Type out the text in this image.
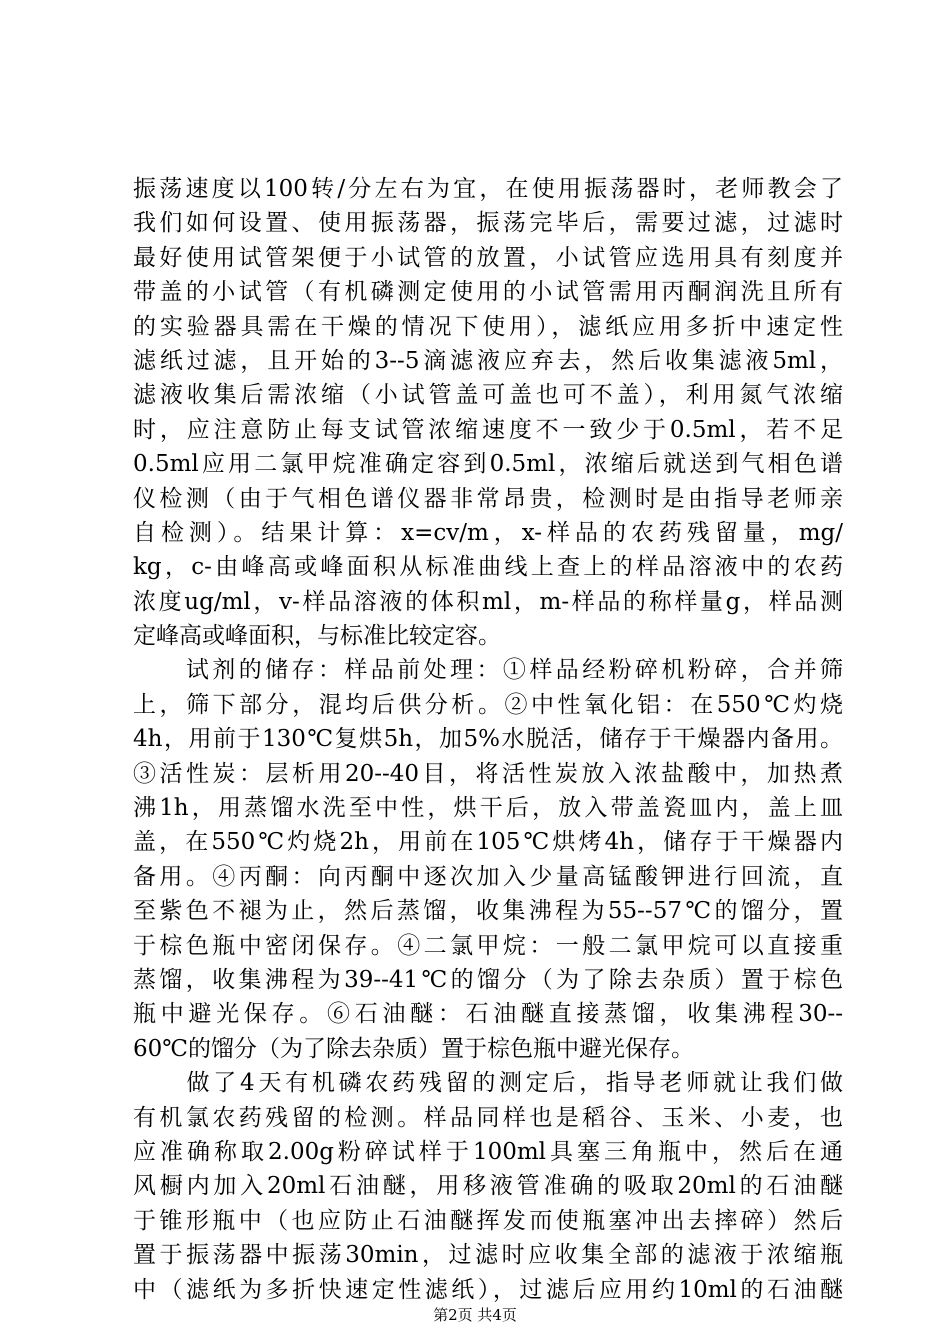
振荡速度以100转/分左右为宜，在使用振荡器时，老师教会了
我们如何设置、使用振荡器，振荡完毕后，需要过滤，过滤时
最好使用试管架便于小试管的放置，小试管应选用具有刻度并
带盖的小试管（有机磷测定使用的小试管需用丙酮润洗且所有
的实验器具需在干燥的情况下使用），滤纸应用多折中速定性
滤纸过滤，且开始的3--5滴滤液应弃去，然后收集滤液5ml，
滤液收集后需浓缩（小试管盖可盖也可不盖），利用氮气浓缩
时，应注意防止每支试管浓缩速度不一致少于0.5ml，若不足
0.5ml应用二氯甲烷准确定容到0.5ml，浓缩后就送到气相色谱
仪检测（由于气相色谱仪器非常昂贵，检测时是由指导老师亲
自检测）。结果计算：x=cv/m，x-样品的农药残留量，mg/
kg，c-由峰高或峰面积从标准曲线上查上的样品溶液中的农药
浓度ug/ml，v-样品溶液的体积ml，m-样品的称样量g，样品测
定峰高或峰面积，与标准比较定容。
　　试剂的储存：样品前处理：①样品经粉碎机粉碎，合并筛
上，筛下部分，混均后供分析。②中性氧化铝：在550℃灼烧
4h，用前于130℃复烘5h，加5%水脱活，储存于干燥器内备用。
③活性炭：层析用20--40目，将活性炭放入浓盐酸中，加热煮
沸1h，用蒸馏水洗至中性，烘干后，放入带盖瓷皿内，盖上皿
盖，在550℃灼烧2h，用前在105℃烘烤4h，储存于干燥器内
备用。④丙酮：向丙酮中逐次加入少量高锰酸钾进行回流，直
至紫色不褪为止，然后蒸馏，收集沸程为55--57℃的馏分，置
于棕色瓶中密闭保存。④二氯甲烷：一般二氯甲烷可以直接重
蒸馏，收集沸程为39--41℃的馏分（为了除去杂质）置于棕色
瓶中避光保存。⑥石油醚：石油醚直接蒸馏，收集沸程30--
60℃的馏分（为了除去杂质）置于棕色瓶中避光保存。
　　做了4天有机磷农药残留的测定后，指导老师就让我们做
有机氯农药残留的检测。样品同样也是稻谷、玉米、小麦，也
应准确称取2.00g粉碎试样于100ml具塞三角瓶中，然后在通
风橱内加入20ml石油醚，用移液管准确的吸取20ml的石油醚
于锥形瓶中（也应防止石油醚挥发而使瓶塞冲出去摔碎）然后
置于振荡器中振荡30min，过滤时应收集全部的滤液于浓缩瓶
中（滤纸为多折快速定性滤纸），过滤后应用约10ml的石油醚
第2页 共4页
